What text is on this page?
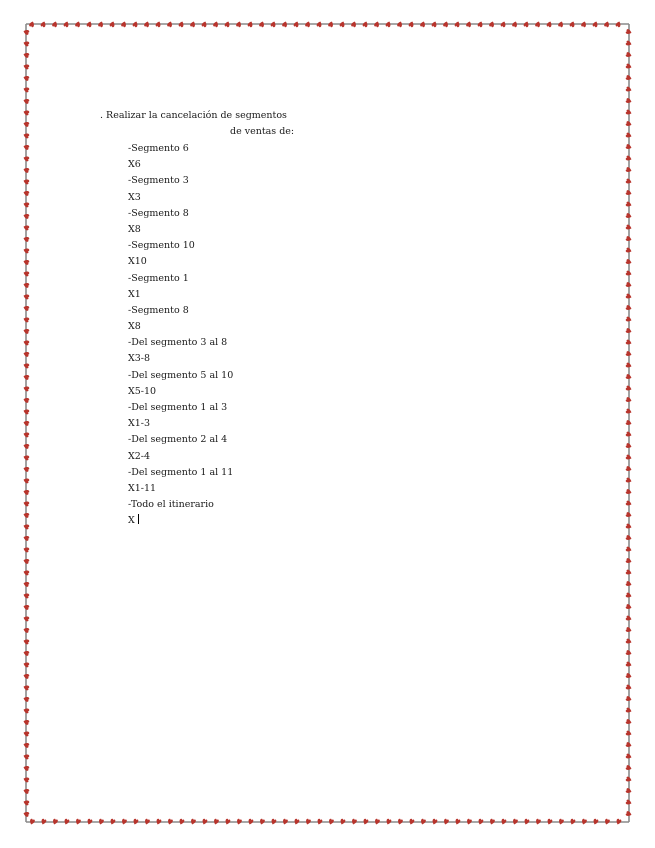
. Realizar la cancelación de segmentos
de ventas de:
-Segmento 6
X6
-Segmento 3
X3
-Segmento 8
X8
-Segmento 10
X10
-Segmento 1
X1
-Segmento 8
X8
-Del segmento 3 al 8
X3-8
-Del segmento 5 al 10
X5-10
-Del segmento 1 al 3
X1-3
-Del segmento 2 al 4
X2-4
-Del segmento 1 al 11
X1-11
-Todo el itinerario
X
